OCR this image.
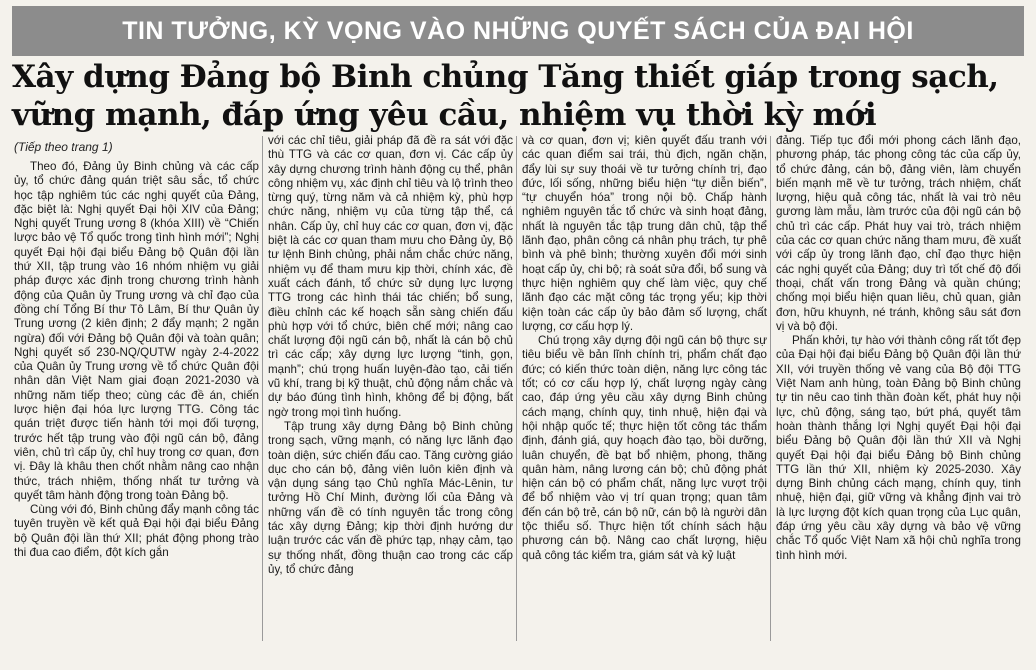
TIN TƯỞNG, KỲ VỌNG VÀO NHỮNG QUYẾT SÁCH CỦA ĐẠI HỘI
Xây dựng Đảng bộ Binh chủng Tăng thiết giáp trong sạch,
vững mạnh, đáp ứng yêu cầu, nhiệm vụ thời kỳ mới
(Tiếp theo trang 1)

Theo đó, Đảng ủy Binh chủng và các cấp ủy, tổ chức đảng quán triệt sâu sắc, tổ chức học tập nghiêm túc các nghị quyết của Đảng, đặc biệt là: Nghị quyết Đại hội XIV của Đảng; Nghị quyết Trung ương 8 (khóa XIII) về “Chiến lược bảo vệ Tổ quốc trong tình hình mới”; Nghị quyết Đại hội đại biểu Đảng bộ Quân đội lần thứ XII, tập trung vào 16 nhóm nhiệm vụ giải pháp được xác định trong chương trình hành động của Quân ủy Trung ương và chỉ đạo của đồng chí Tổng Bí thư Tô Lâm, Bí thư Quân ủy Trung ương (2 kiên định; 2 đẩy mạnh; 2 ngăn ngừa) đối với Đảng bộ Quân đội và toàn quân; Nghị quyết số 230-NQ/QUTW ngày 2-4-2022 của Quân ủy Trung ương về tổ chức Quân đội nhân dân Việt Nam giai đoạn 2021-2030 và những năm tiếp theo; cùng các đề án, chiến lược hiện đại hóa lực lượng TTG. Công tác quán triệt được tiến hành tới mọi đối tượng, trước hết tập trung vào đội ngũ cán bộ, đảng viên, chủ trì cấp ủy, chỉ huy trong cơ quan, đơn vị. Đây là khâu then chốt nhằm nâng cao nhận thức, trách nhiệm, thống nhất tư tưởng và quyết tâm hành động trong toàn Đảng bộ.

Cùng với đó, Binh chủng đẩy mạnh công tác tuyên truyền về kết quả Đại hội đại biểu Đảng bộ Quân đội lần thứ XII; phát động phong trào thi đua cao điểm, đột kích gắn

với các chỉ tiêu, giải pháp đã đề ra sát với đặc thù TTG và các cơ quan, đơn vị. Các cấp ủy xây dựng chương trình hành động cụ thể, phân công nhiệm vụ, xác định chỉ tiêu và lộ trình theo từng quý, từng năm và cả nhiệm kỳ, phù hợp chức năng, nhiệm vụ của từng tập thể, cá nhân. Cấp ủy, chỉ huy các cơ quan, đơn vị, đặc biệt là các cơ quan tham mưu cho Đảng ủy, Bộ tư lệnh Binh chủng, phải nắm chắc chức năng, nhiệm vụ để tham mưu kịp thời, chính xác, đề xuất cách đánh, tổ chức sử dụng lực lượng TTG trong các hình thái tác chiến; bổ sung, điều chỉnh các kế hoạch sẵn sàng chiến đấu phù hợp với tổ chức, biên chế mới; nâng cao chất lượng đội ngũ cán bộ, nhất là cán bộ chủ trì các cấp; xây dựng lực lượng “tinh, gọn, mạnh”; chú trọng huấn luyện-đào tạo, cải tiến vũ khí, trang bị kỹ thuật, chủ động nắm chắc và dự báo đúng tình hình, không để bị động, bất ngờ trong mọi tình huống.

Tập trung xây dựng Đảng bộ Binh chủng trong sạch, vững mạnh, có năng lực lãnh đạo toàn diện, sức chiến đấu cao. Tăng cường giáo dục cho cán bộ, đảng viên luôn kiên định và vận dụng sáng tạo Chủ nghĩa Mác-Lênin, tư tưởng Hồ Chí Minh, đường lối của Đảng và những vấn đề có tính nguyên tắc trong công tác xây dựng Đảng; kịp thời định hướng dư luận trước các vấn đề phức tạp, nhạy cảm, tạo sự thống nhất, đồng thuận cao trong các cấp ủy, tổ chức đảng

và cơ quan, đơn vị; kiên quyết đấu tranh với các quan điểm sai trái, thù địch, ngăn chặn, đẩy lùi sự suy thoái về tư tưởng chính trị, đạo đức, lối sống, những biểu hiện “tự diễn biến”, “tự chuyển hóa” trong nội bộ. Chấp hành nghiêm nguyên tắc tổ chức và sinh hoạt đảng, nhất là nguyên tắc tập trung dân chủ, tập thể lãnh đạo, phân công cá nhân phụ trách, tự phê bình và phê bình; thường xuyên đổi mới sinh hoạt cấp ủy, chi bộ; rà soát sửa đổi, bổ sung và thực hiện nghiêm quy chế làm việc, quy chế lãnh đạo các mặt công tác trọng yếu; kịp thời kiện toàn các cấp ủy bảo đảm số lượng, chất lượng, cơ cấu hợp lý.

Chú trọng xây dựng đội ngũ cán bộ thực sự tiêu biểu về bản lĩnh chính trị, phẩm chất đạo đức; có kiến thức toàn diện, năng lực công tác tốt; có cơ cấu hợp lý, chất lượng ngày càng cao, đáp ứng yêu cầu xây dựng Binh chủng cách mạng, chính quy, tinh nhuệ, hiện đại và hội nhập quốc tế; thực hiện tốt công tác thẩm định, đánh giá, quy hoạch đào tạo, bồi dưỡng, luân chuyển, đề bạt bổ nhiệm, phong, thăng quân hàm, nâng lương cán bộ; chủ động phát hiện cán bộ có phẩm chất, năng lực vượt trội để bổ nhiệm vào vị trí quan trọng; quan tâm đến cán bộ trẻ, cán bộ nữ, cán bộ là người dân tộc thiểu số. Thực hiện tốt chính sách hậu phương cán bộ. Nâng cao chất lượng, hiệu quả công tác kiểm tra, giám sát và kỷ luật

đảng. Tiếp tục đổi mới phong cách lãnh đạo, phương pháp, tác phong công tác của cấp ủy, tổ chức đảng, cán bộ, đảng viên, làm chuyển biến mạnh mẽ về tư tưởng, trách nhiệm, chất lượng, hiệu quả công tác, nhất là vai trò nêu gương làm mẫu, làm trước của đội ngũ cán bộ chủ trì các cấp. Phát huy vai trò, trách nhiệm của các cơ quan chức năng tham mưu, đề xuất với cấp ủy trong lãnh đạo, chỉ đạo thực hiện các nghị quyết của Đảng; duy trì tốt chế độ đối thoại, chất vấn trong Đảng và quần chúng; chống mọi biểu hiện quan liêu, chủ quan, giản đơn, hữu khuynh, né tránh, không sâu sát đơn vị và bộ đội.

Phấn khởi, tự hào với thành công rất tốt đẹp của Đại hội đại biểu Đảng bộ Quân đội lần thứ XII, với truyền thống vẻ vang của Bộ đội TTG Việt Nam anh hùng, toàn Đảng bộ Binh chủng tự tin nêu cao tinh thần đoàn kết, phát huy nội lực, chủ động, sáng tạo, bứt phá, quyết tâm hoàn thành thắng lợi Nghị quyết Đại hội đại biểu Đảng bộ Quân đội lần thứ XII và Nghị quyết Đại hội đại biểu Đảng bộ Binh chủng TTG lần thứ XII, nhiệm kỳ 2025-2030. Xây dựng Binh chủng cách mạng, chính quy, tinh nhuệ, hiện đại, giữ vững và khẳng định vai trò là lực lượng đột kích quan trọng của Lục quân, đáp ứng yêu cầu xây dựng và bảo vệ vững chắc Tổ quốc Việt Nam xã hội chủ nghĩa trong tình hình mới.
